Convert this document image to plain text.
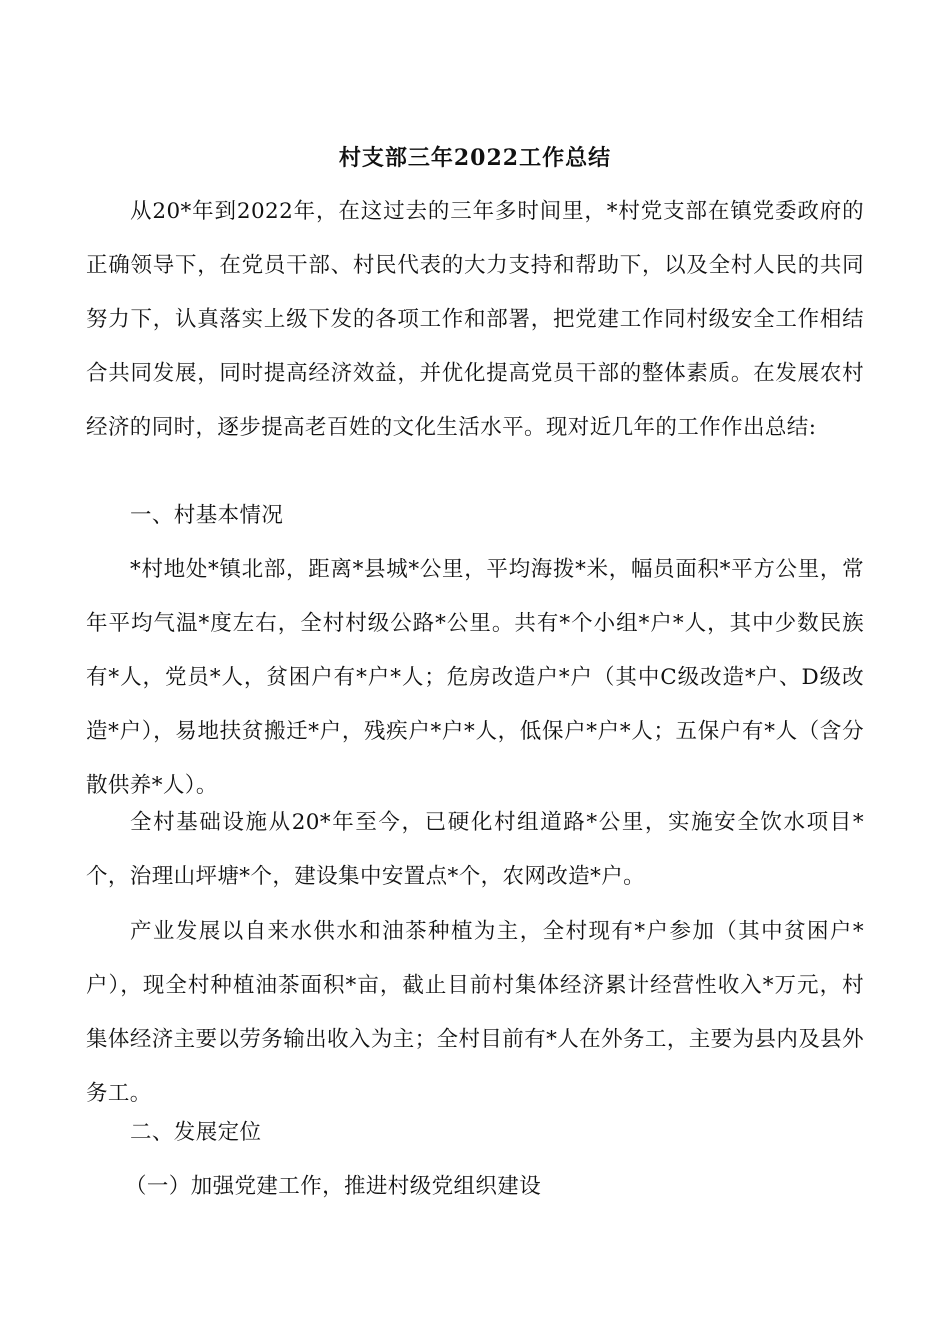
村支部三年2022工作总结

从20*年到2022年，在这过去的三年多时间里，*村党支部在镇党委政府的正确领导下，在党员干部、村民代表的大力支持和帮助下，以及全村人民的共同努力下，认真落实上级下发的各项工作和部署，把党建工作同村级安全工作相结合共同发展，同时提高经济效益，并优化提高党员干部的整体素质。在发展农村经济的同时，逐步提高老百姓的文化生活水平。现对近几年的工作作出总结:

一、村基本情况

*村地处*镇北部，距离*县城*公里，平均海拨*米，幅员面积*平方公里，常年平均气温*度左右，全村村级公路*公里。共有*个小组*户*人，其中少数民族有*人，党员*人，贫困户有*户*人；危房改造户*户（其中C级改造*户、D级改造*户），易地扶贫搬迁*户，残疾户*户*人，低保户*户*人；五保户有*人（含分散供养*人）。

全村基础设施从20*年至今，已硬化村组道路*公里，实施安全饮水项目*个，治理山坪塘*个，建设集中安置点*个，农网改造*户。

产业发展以自来水供水和油茶种植为主，全村现有*户参加（其中贫困户*户），现全村种植油茶面积*亩，截止目前村集体经济累计经营性收入*万元，村集体经济主要以劳务输出收入为主；全村目前有*人在外务工，主要为县内及县外务工。

二、发展定位

（一）加强党建工作，推进村级党组织建设
